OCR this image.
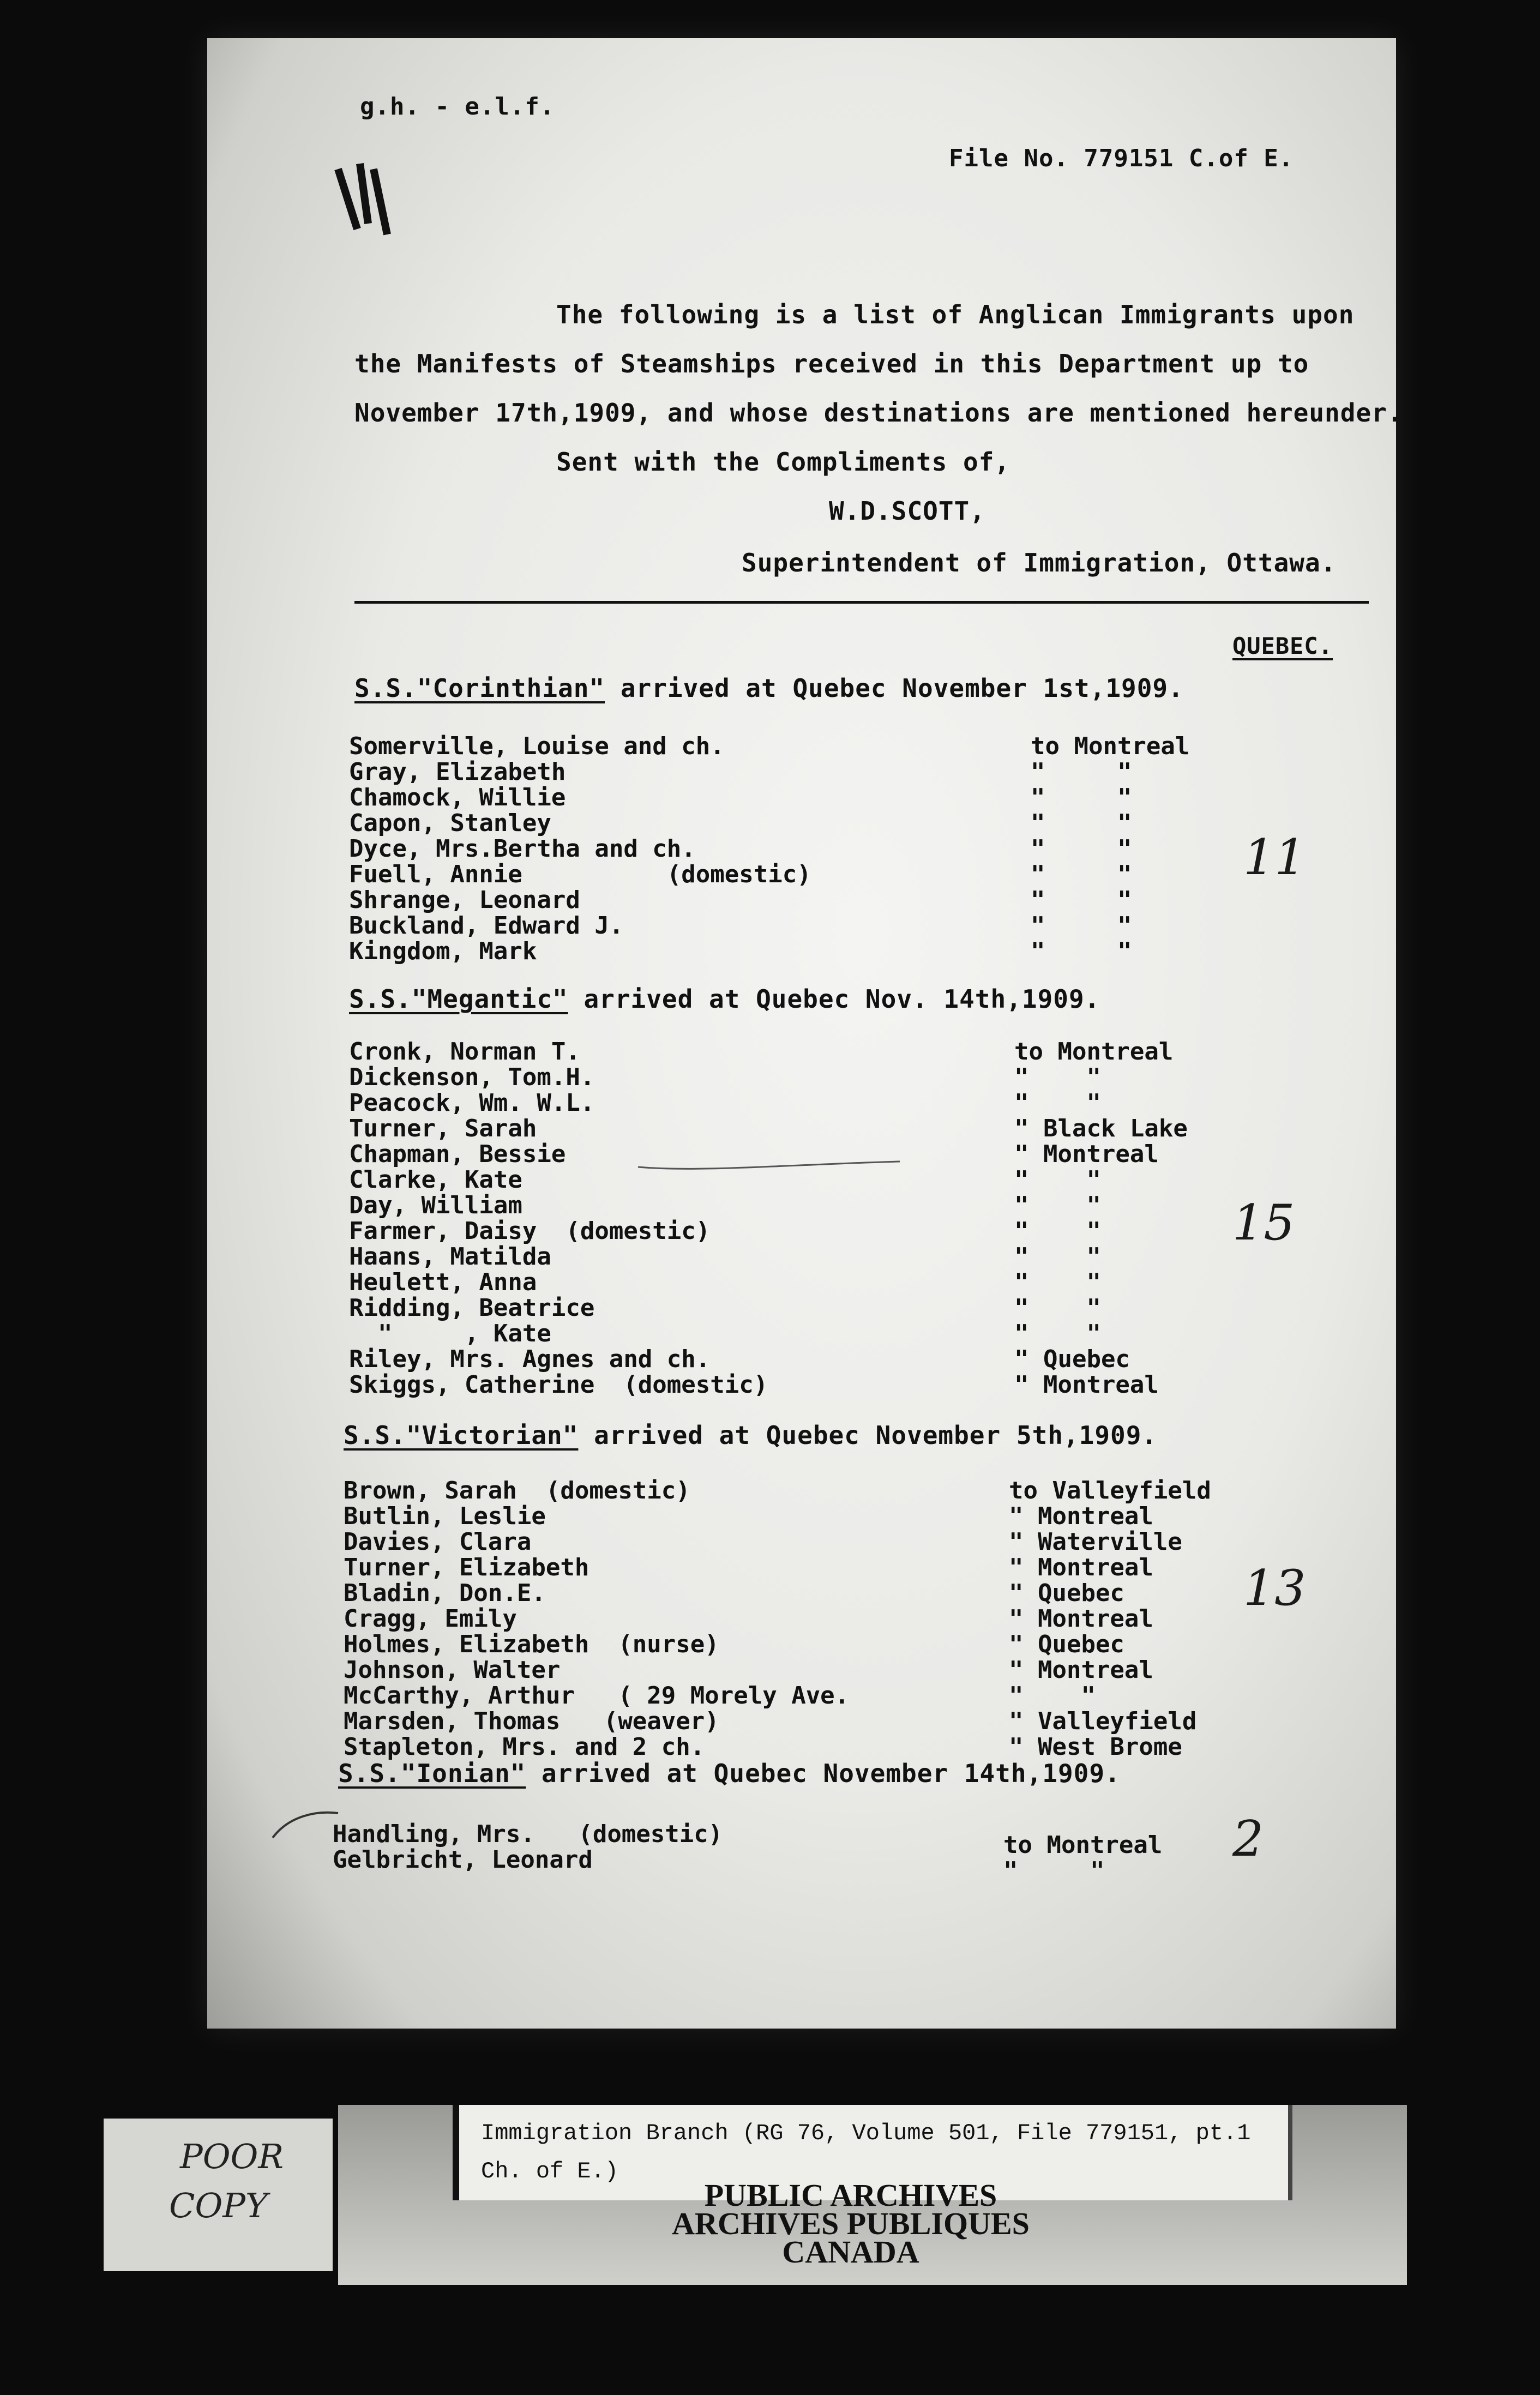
g.h. - e.l.f.
File No. 779151 C.of E.
The following is a list of Anglican Immigrants upon
the Manifests of Steamships received in this Department up to
November 17th,1909, and whose destinations are mentioned hereunder.
Sent with the Compliments of,
W.D.SCOTT,
Superintendent of Immigration, Ottawa.
QUEBEC.
S.S."Corinthian" arrived at Quebec November 1st,1909.
Somerville, Louise and ch.
Gray, Elizabeth
Chamock, Willie
Capon, Stanley
Dyce, Mrs.Bertha and ch.
Fuell, Annie          (domestic)
Shrange, Leonard
Buckland, Edward J.
Kingdom, Mark
to Montreal
"     "
"     "
"     "
"     "
"     "
"     "
"     "
"     "
11
S.S."Megantic" arrived at Quebec Nov. 14th,1909.
Cronk, Norman T.
Dickenson, Tom.H.
Peacock, Wm. W.L.
Turner, Sarah
Chapman, Bessie
Clarke, Kate
Day, William
Farmer, Daisy  (domestic)
Haans, Matilda
Heulett, Anna
Ridding, Beatrice
"     , Kate
Riley, Mrs. Agnes and ch.
Skiggs, Catherine  (domestic)
to Montreal
"    "
"    "
" Black Lake
" Montreal
"    "
"    "
"    "
"    "
"    "
"    "
"    "
" Quebec
" Montreal
15
S.S."Victorian" arrived at Quebec November 5th,1909.
Brown, Sarah  (domestic)
Butlin, Leslie
Davies, Clara
Turner, Elizabeth
Bladin, Don.E.
Cragg, Emily
Holmes, Elizabeth  (nurse)
Johnson, Walter
McCarthy, Arthur   ( 29 Morely Ave.
Marsden, Thomas   (weaver)
Stapleton, Mrs. and 2 ch.
to Valleyfield
" Montreal
" Waterville
" Montreal
" Quebec
" Montreal
" Quebec
" Montreal
"    "
" Valleyfield
" West Brome
13
S.S."Ionian" arrived at Quebec November 14th,1909.
Handling, Mrs.   (domestic)
Gelbricht, Leonard
to Montreal
"     "
2
POOR
COPY
Immigration Branch (RG 76, Volume 501, File 779151, pt.1
Ch. of E.)
PUBLIC ARCHIVES
ARCHIVES PUBLIQUES
CANADA
